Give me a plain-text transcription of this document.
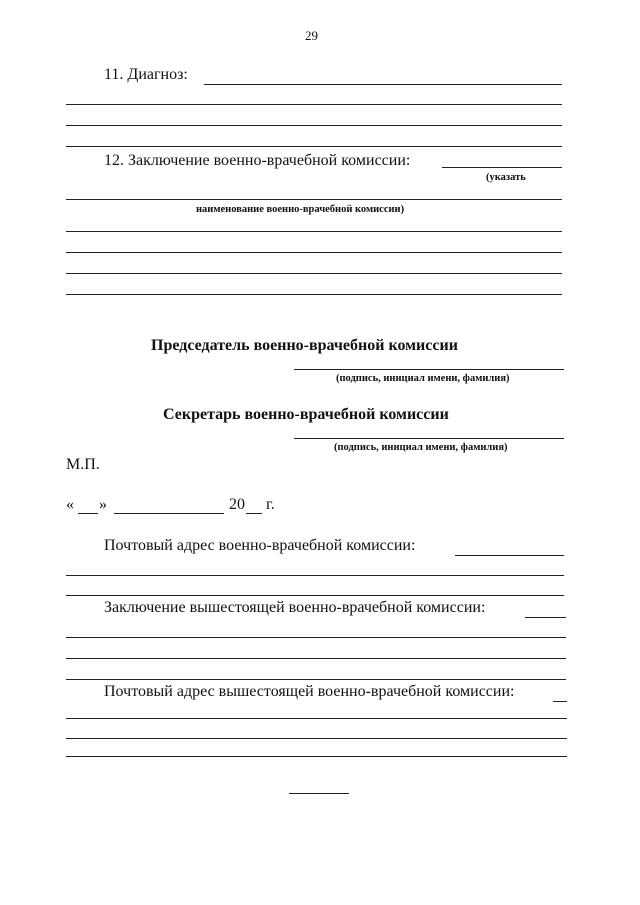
29
11. Диагноз:
12. Заключение военно-врачебной комиссии:
(указать
наименование военно-врачебной комиссии)
Председатель военно-врачебной комиссии
(подпись, инициал имени, фамилия)
Секретарь военно-врачебной комиссии
(подпись, инициал имени, фамилия)
М.П.
« »	20 г.
Почтовый адрес военно-врачебной комиссии:
Заключение вышестоящей военно-врачебной комиссии:
Почтовый адрес вышестоящей военно-врачебной комиссии:
